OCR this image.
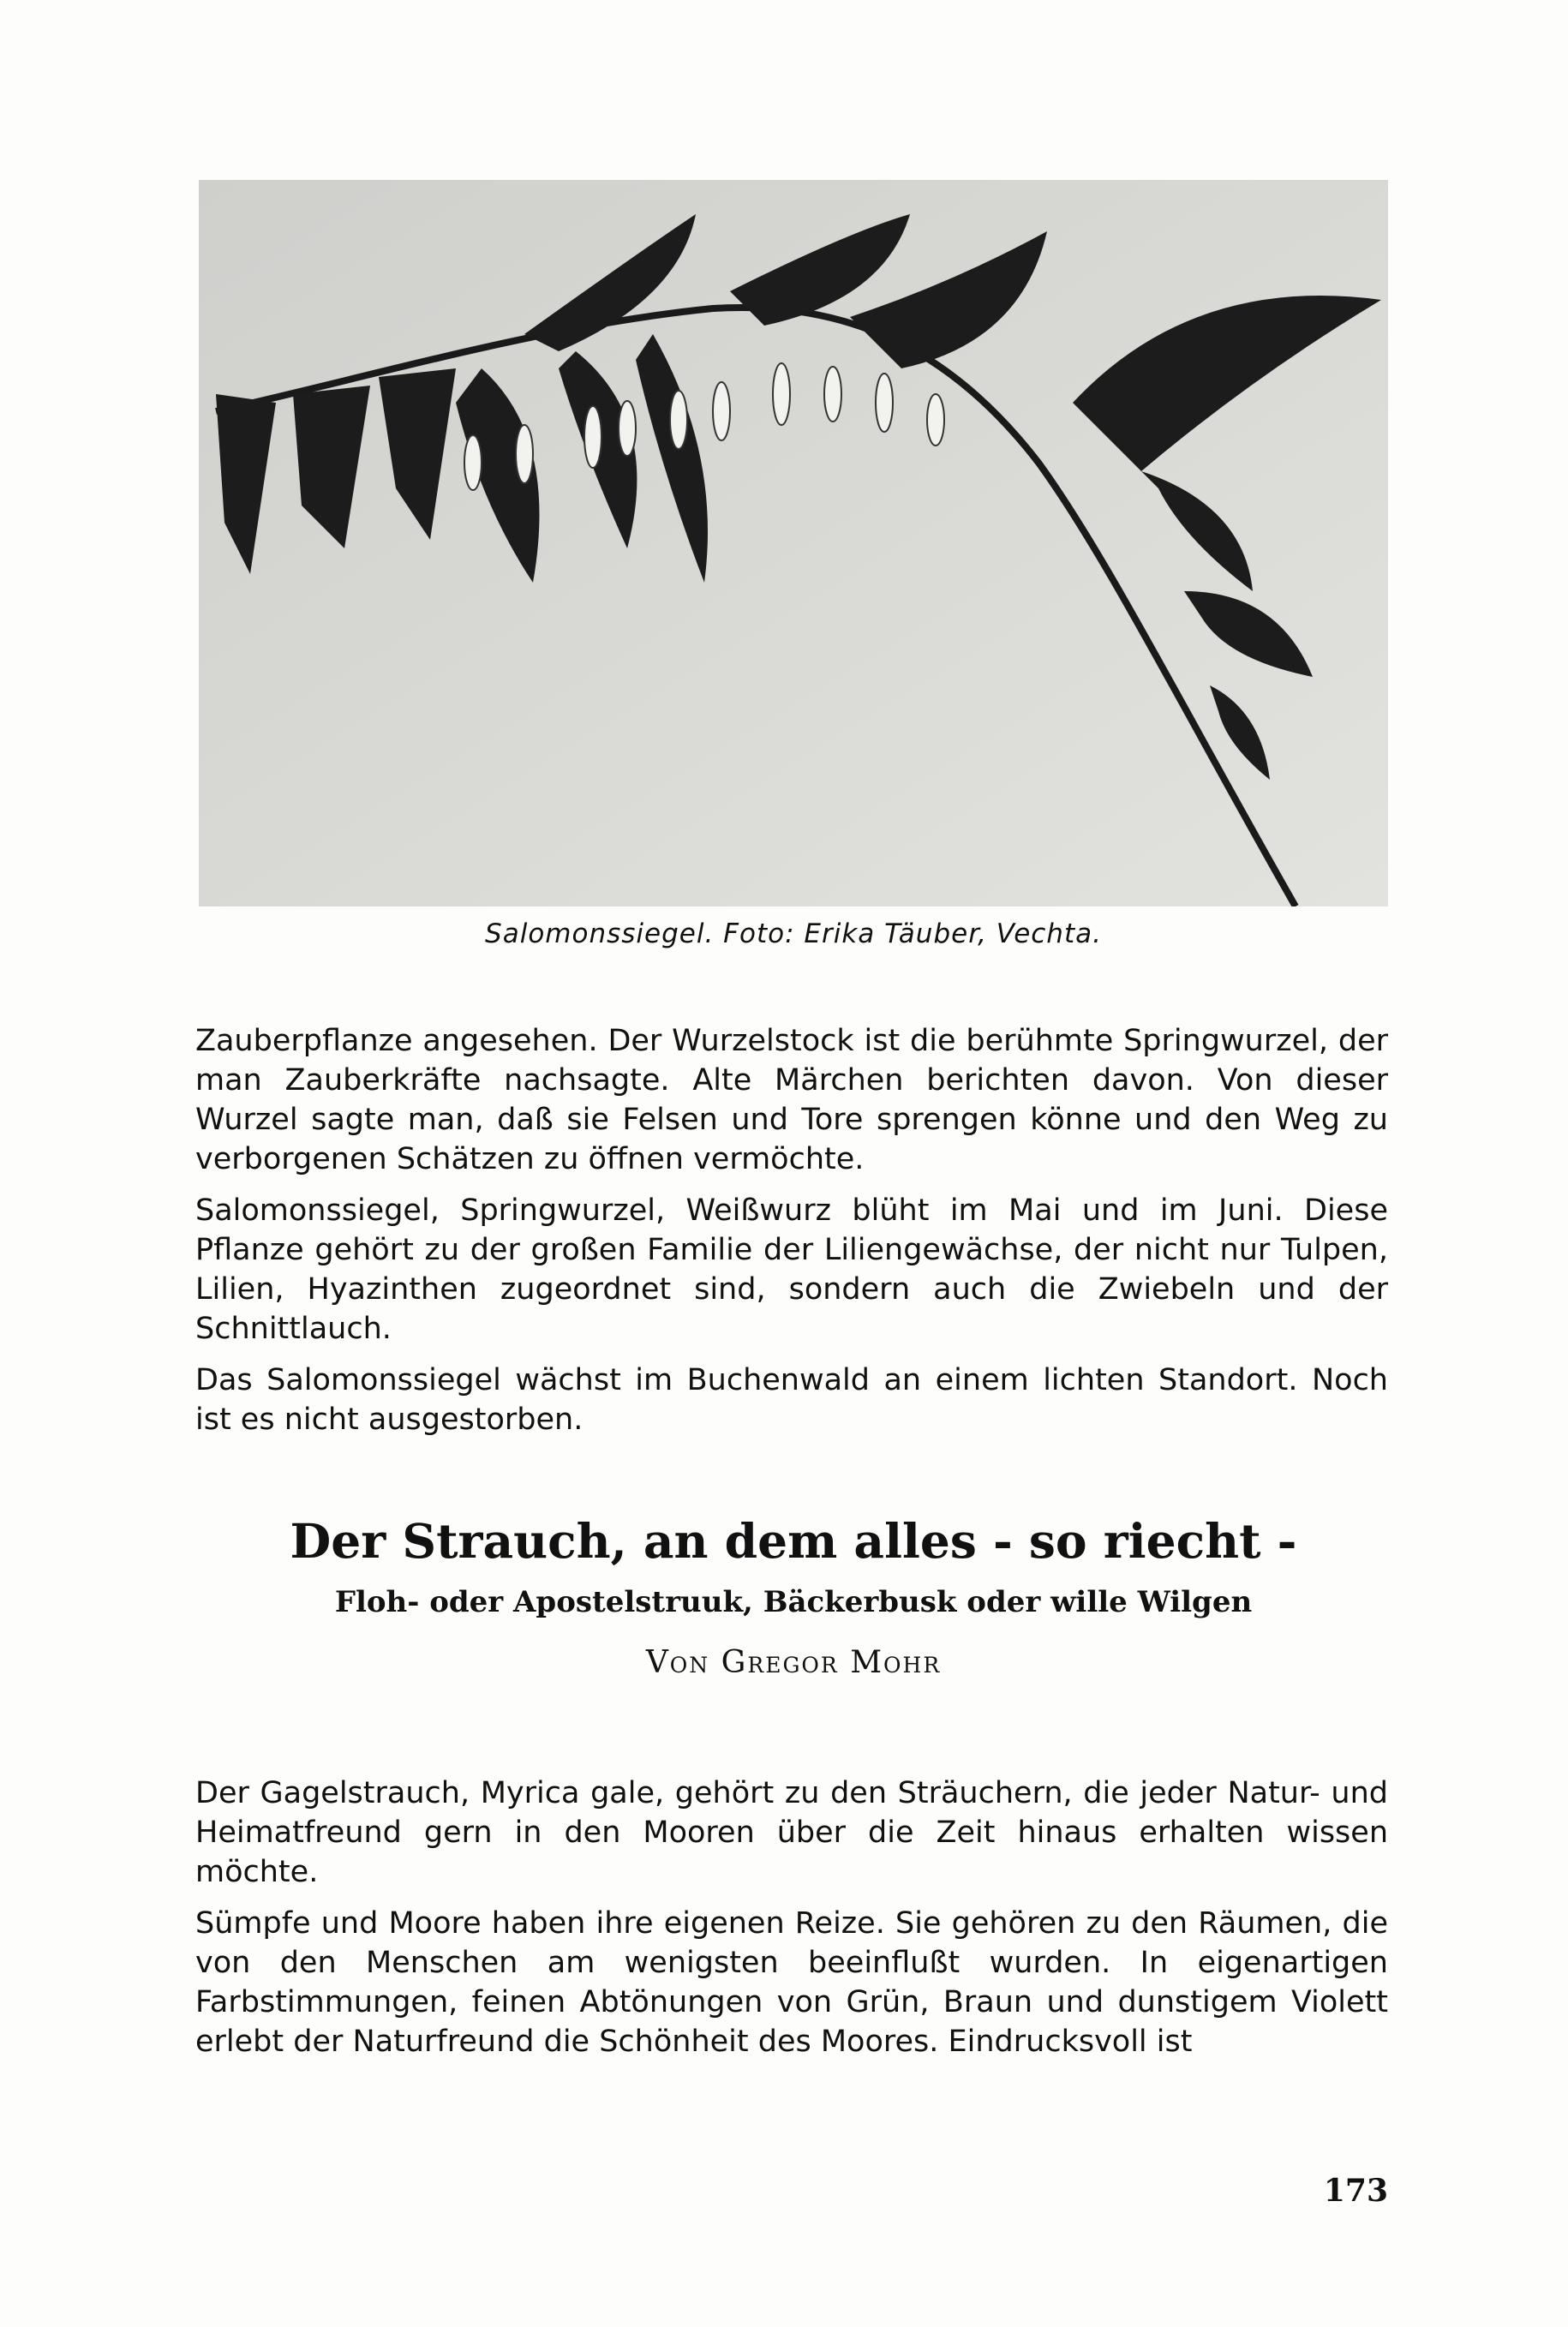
Salomonssiegel. Foto: Erika Täuber, Vechta.

Zauberpflanze angesehen. Der Wurzelstock ist die berühmte Springwurzel, der man Zauberkräfte nachsagte. Alte Märchen berichten davon. Von dieser Wurzel sagte man, daß sie Felsen und Tore sprengen könne und den Weg zu verborgenen Schätzen zu öffnen vermöchte.

Salomonssiegel, Springwurzel, Weißwurz blüht im Mai und im Juni. Diese Pflanze gehört zu der großen Familie der Liliengewächse, der nicht nur Tulpen, Lilien, Hyazinthen zugeordnet sind, sondern auch die Zwiebeln und der Schnittlauch.

Das Salomonssiegel wächst im Buchenwald an einem lichten Standort. Noch ist es nicht ausgestorben.

Der Strauch, an dem alles - so riecht -
Floh- oder Apostelstruuk, Bäckerbusk oder wille Wilgen
Von Gregor Mohr

Der Gagelstrauch, Myrica gale, gehört zu den Sträuchern, die jeder Natur- und Heimatfreund gern in den Mooren über die Zeit hinaus erhalten wissen möchte.

Sümpfe und Moore haben ihre eigenen Reize. Sie gehören zu den Räumen, die von den Menschen am wenigsten beeinflußt wurden. In eigenartigen Farbstimmungen, feinen Abtönungen von Grün, Braun und dunstigem Violett erlebt der Naturfreund die Schönheit des Moores. Eindrucksvoll ist

173
